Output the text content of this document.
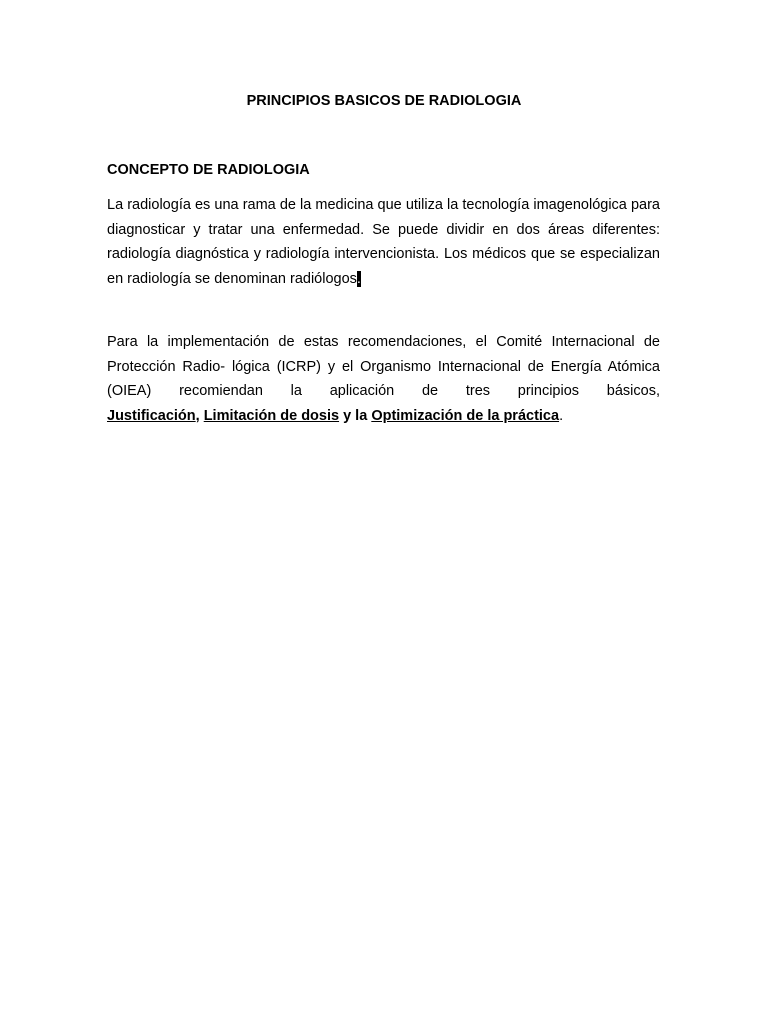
PRINCIPIOS BASICOS DE RADIOLOGIA
CONCEPTO DE RADIOLOGIA
La radiología es una rama de la medicina que utiliza la tecnología imagenológica para diagnosticar y tratar una enfermedad. Se puede dividir en dos áreas diferentes: radiología diagnóstica y radiología intervencionista. Los médicos que se especializan en radiología se denominan radiólogos.
Para la implementación de estas recomendaciones, el Comité Internacional de Protección Radio- lógica (ICRP) y el Organismo Internacional de Energía Atómica (OIEA) recomiendan la aplicación de tres principios básicos, Justificación, Limitación de dosis y la Optimización de la práctica.
